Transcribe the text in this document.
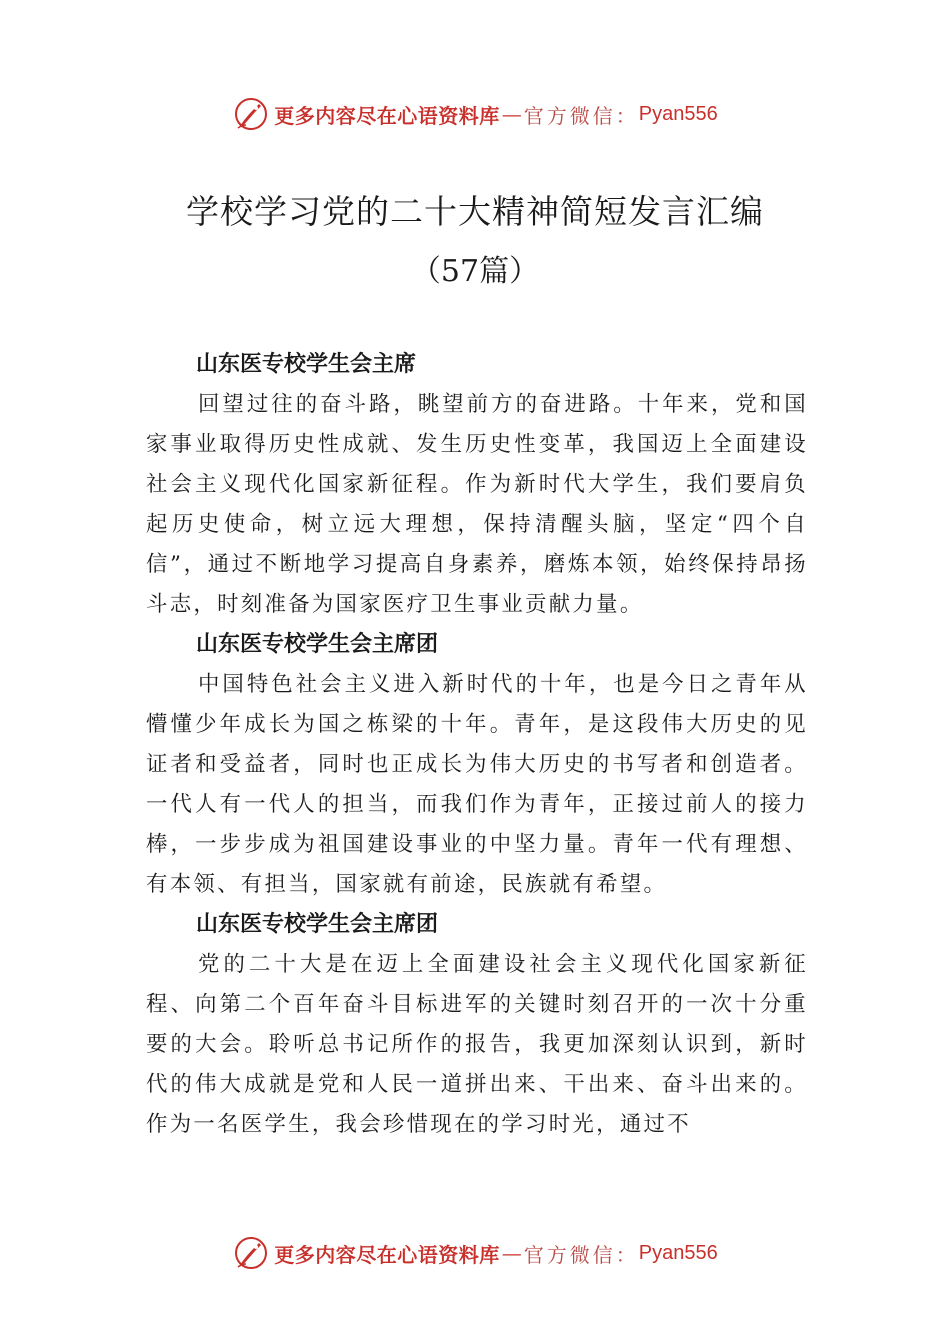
更多内容尽在心语资料库 — 官方微信： Pyan556
学校学习党的二十大精神简短发言汇编
（57篇）

山东医专校学生会主席

回望过往的奋斗路，眺望前方的奋进路。十年来，党和国家事业取得历史性成就、发生历史性变革，我国迈上全面建设社会主义现代化国家新征程。作为新时代大学生，我们要肩负起历史使命，树立远大理想，保持清醒头脑，坚定“四个自信”，通过不断地学习提高自身素养，磨炼本领，始终保持昂扬斗志，时刻准备为国家医疗卫生事业贡献力量。

山东医专校学生会主席团

中国特色社会主义进入新时代的十年，也是今日之青年从懵懂少年成长为国之栋梁的十年。青年，是这段伟大历史的见证者和受益者，同时也正成长为伟大历史的书写者和创造者。一代人有一代人的担当，而我们作为青年，正接过前人的接力棒，一步步成为祖国建设事业的中坚力量。青年一代有理想、有本领、有担当，国家就有前途，民族就有希望。

山东医专校学生会主席团

党的二十大是在迈上全面建设社会主义现代化国家新征程、向第二个百年奋斗目标进军的关键时刻召开的一次十分重要的大会。聆听总书记所作的报告，我更加深刻认识到，新时代的伟大成就是党和人民一道拼出来、干出来、奋斗出来的。作为一名医学生，我会珍惜现在的学习时光，通过不

更多内容尽在心语资料库 — 官方微信： Pyan556
